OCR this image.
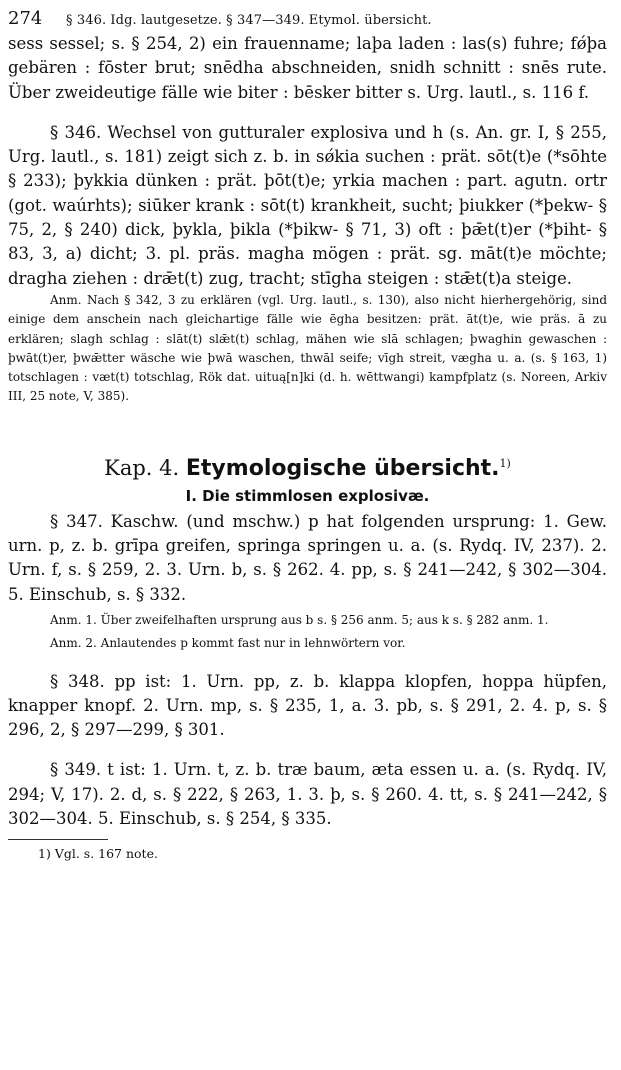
274	§ 346. Idg. lautgesetze. § 347—349. Etymol. übersicht.

sess sessel; s. § 254, 2) ein frauenname; laþa laden : las(s) fuhre; fǿþa gebären : fōster brut; snēdha abschneiden, snidh schnitt : snēs rute. Über zweideutige fälle wie biter : bēsker bitter s. Urg. lautl., s. 116 f.

§ 346. Wechsel von gutturaler explosiva und h (s. An. gr. I, § 255, Urg. lautl., s. 181) zeigt sich z. b. in sǿkia suchen : prät. sōt(t)e (*sōhte § 233); þykkia dünken : prät. þōt(t)e; yrkia machen : part. agutn. ortr (got. waúrhts); siūker krank : sōt(t) krankheit, sucht; þiukker (*þekw- § 75, 2, § 240) dick, þykla, þikla (*þikw- § 71, 3) oft : þǣt(t)er (*þiht- § 83, 3, a) dicht; 3. pl. präs. magha mögen : prät. sg. māt(t)e möchte; dragha ziehen : drǣt(t) zug, tracht; stīgha steigen : stǣt(t)a steige.

Anm. Nach § 342, 3 zu erklären (vgl. Urg. lautl., s. 130), also nicht hierhergehörig, sind einige dem anschein nach gleichartige fälle wie ēgha besitzen: prät. āt(t)e, wie präs. ā zu erklären; slagh schlag : slāt(t) slǣt(t) schlag, mähen wie slā schlagen; þwaghin gewaschen : þwāt(t)er, þwǣtter wäsche wie þwā waschen, thwāl seife; vīgh streit, vægha u. a. (s. § 163, 1) totschlagen : væt(t) totschlag, Rök dat. uituą[n]ki (d. h. wēttwangi) kampfplatz (s. Noreen, Arkiv III, 25 note, V, 385).

Kap. 4. Etymologische übersicht.$^{1)}$
I. Die stimmlosen explosivæ.

§ 347. Kaschw. (und mschw.) p hat folgenden ursprung: 1. Gew. urn. p, z. b. grīpa greifen, springa springen u. a. (s. Rydq. IV, 237). 2. Urn. f, s. § 259, 2. 3. Urn. b, s. § 262. 4. pp, s. § 241—242, § 302—304. 5. Einschub, s. § 332.

Anm. 1. Über zweifelhaften ursprung aus b s. § 256 anm. 5; aus k s. § 282 anm. 1.

Anm. 2. Anlautendes p kommt fast nur in lehnwörtern vor.

§ 348. pp ist: 1. Urn. pp, z. b. klappa klopfen, hoppa hüpfen, knapper knopf. 2. Urn. mp, s. § 235, 1, a. 3. pb, s. § 291, 2. 4. p, s. § 296, 2, § 297—299, § 301.

§ 349. t ist: 1. Urn. t, z. b. træ baum, æta essen u. a. (s. Rydq. IV, 294; V, 17). 2. d, s. § 222, § 263, 1. 3. þ, s. § 260. 4. tt, s. § 241—242, § 302—304. 5. Einschub, s. § 254, § 335.

1) Vgl. s. 167 note.
